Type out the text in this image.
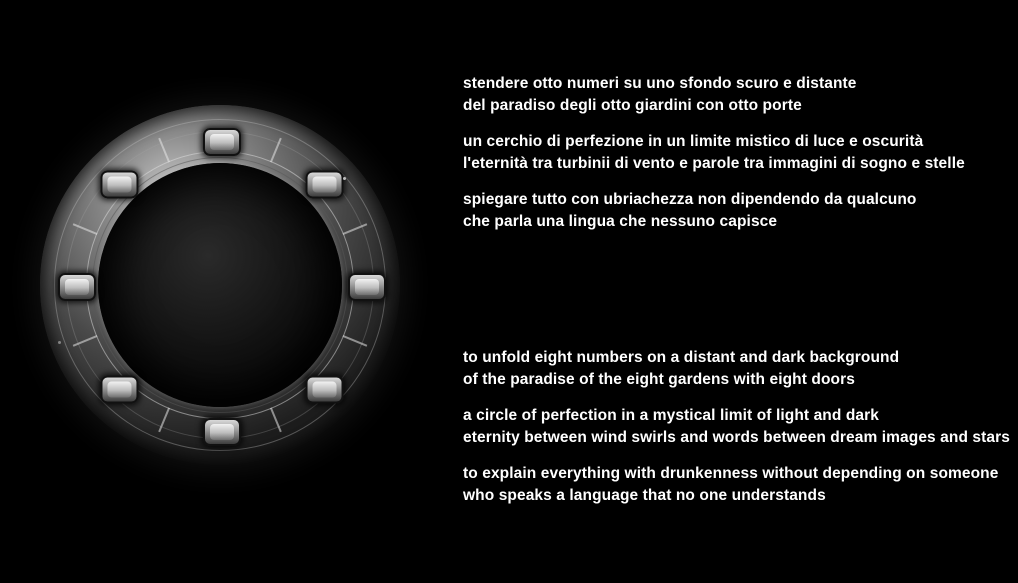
stendere otto numeri su uno sfondo scuro e distante
del paradiso degli otto giardini con otto porte
un cerchio di perfezione in un limite mistico di luce e oscurità
l'eternità tra turbinii di vento e parole tra immagini di sogno e stelle
spiegare tutto con ubriachezza non dipendendo da qualcuno
che parla una lingua che nessuno capisce
to unfold eight numbers on a distant and dark background
of the paradise of the eight gardens with eight doors
a circle of perfection in a mystical limit of light and dark
eternity between wind swirls and words between dream images and stars
to explain everything with drunkenness without depending on someone
who speaks a language that no one understands
